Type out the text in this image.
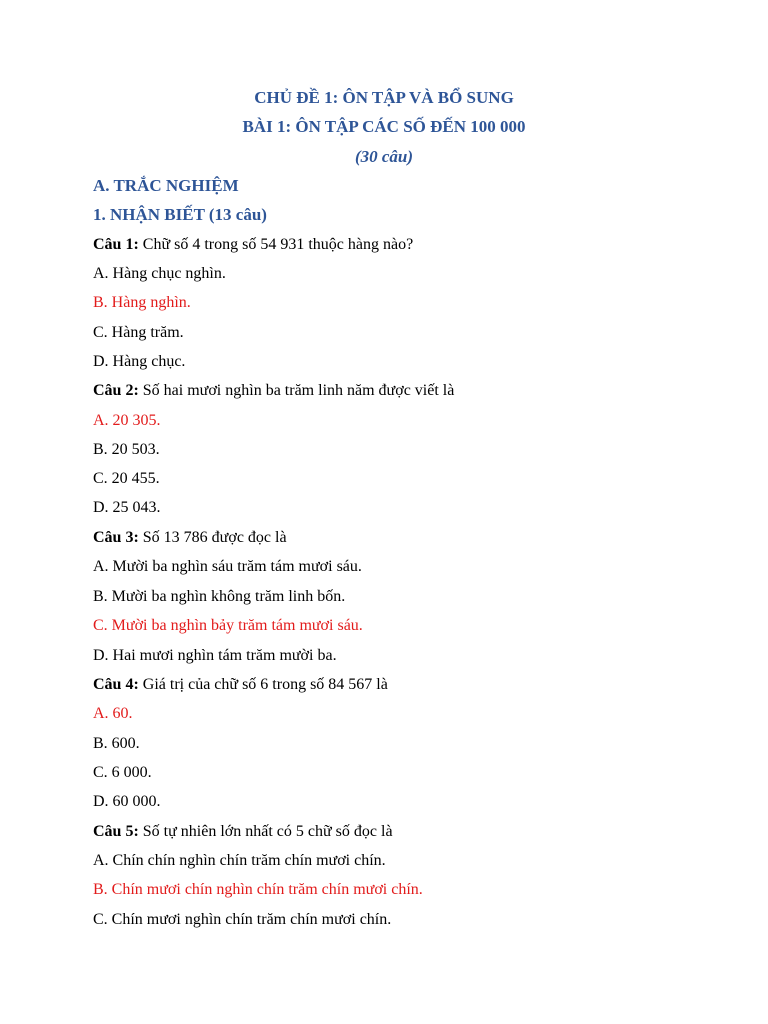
CHỦ ĐỀ 1: ÔN TẬP VÀ BỔ SUNG
BÀI 1: ÔN TẬP CÁC SỐ ĐẾN 100 000
(30 câu)
A. TRẮC NGHIỆM
1. NHẬN BIẾT (13 câu)
Câu 1: Chữ số 4 trong số 54 931 thuộc hàng nào?
A. Hàng chục nghìn.
B. Hàng nghìn.
C. Hàng trăm.
D. Hàng chục.
Câu 2: Số hai mươi nghìn ba trăm linh năm được viết là
A. 20 305.
B. 20 503.
C. 20 455.
D. 25 043.
Câu 3: Số 13 786 được đọc là
A. Mười ba nghìn sáu trăm tám mươi sáu.
B. Mười ba nghìn không trăm linh bốn.
C. Mười ba nghìn bảy trăm tám mươi sáu.
D. Hai mươi nghìn tám trăm mười ba.
Câu 4: Giá trị của chữ số 6 trong số 84 567 là
A. 60.
B. 600.
C. 6 000.
D. 60 000.
Câu 5: Số tự nhiên lớn nhất có 5 chữ số đọc là
A. Chín chín nghìn chín trăm chín mươi chín.
B. Chín mươi chín nghìn chín trăm chín mươi chín.
C. Chín mươi nghìn chín trăm chín mươi chín.
